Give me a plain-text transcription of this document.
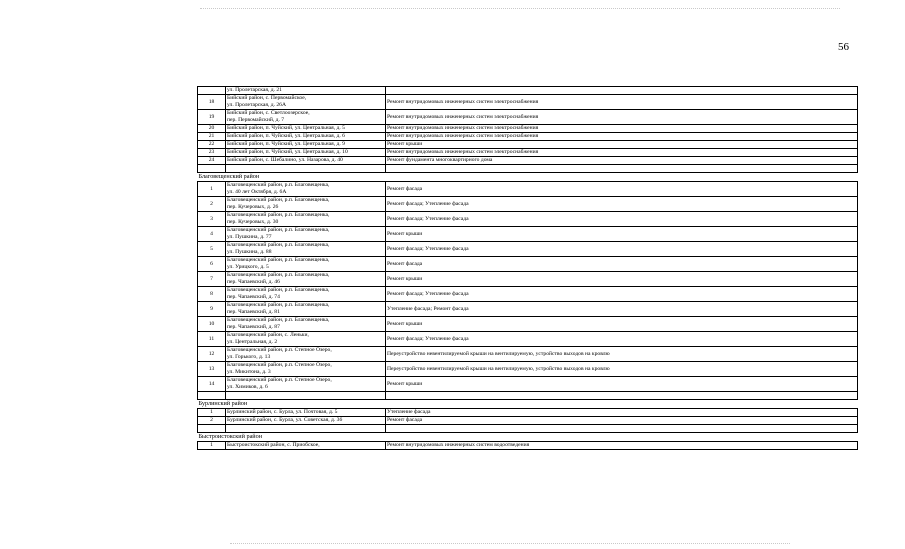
56

	ул. Пролетарская, д. 21	

18	Бийский район, с. Первомайское,
ул. Пролетарская, д. 26А	Ремонт внутридомовых инженерных систем электроснабжения
19	Бийский район, с. Светлоозерское,
пер. Первомайский, д. 7	Ремонт внутридомовых инженерных систем электроснабжения
20	Бийский район, п. Чуйский, ул. Центральная, д. 5	Ремонт внутридомовых инженерных систем электроснабжения
21	Бийский район, п. Чуйский, ул. Центральная, д. 6	Ремонт внутридомовых инженерных систем электроснабжения
22	Бийский район, п. Чуйский, ул. Центральная, д. 9	Ремонт крыши
23	Бийский район, п. Чуйский, ул. Центральная, д. 10	Ремонт внутридомовых инженерных систем электроснабжения
24	Бийский район, с. Шебалино, ул. Назарова, д. 40	Ремонт фундамента многоквартирного дома

Благовещенский район		
1	Благовещенский район, р.п. Благовещенка,
ул. 40 лет Октября, д. 6А	Ремонт фасада
2	Благовещенский район, р.п. Благовещенка,
пер. Кучеровых, д. 26	Ремонт фасада; Утепление фасада
3	Благовещенский район, р.п. Благовещенка,
пер. Кучеровых, д. 30	Ремонт фасада; Утепление фасада
4	Благовещенский район, р.п. Благовещенка,
ул. Пушкина, д. 77	Ремонт крыши
5	Благовещенский район, р.п. Благовещенка,
ул. Пушкина, д. 88	Ремонт фасада; Утепление фасада
6	Благовещенский район, р.п. Благовещенка,
ул. Урицкого, д. 5	Ремонт фасада
7	Благовещенский район, р.п. Благовещенка,
пер. Чапаевский, д. 46	Ремонт крыши
8	Благовещенский район, р.п. Благовещенка,
пер. Чапаевский, д. 74	Ремонт фасада; Утепление фасада
9	Благовещенский район, р.п. Благовещенка,
пер. Чапаевский, д. 81	Утепление фасада; Ремонт фасада
10	Благовещенский район, р.п. Благовещенка,
пер. Чапаевский, д. 87	Ремонт крыши
11	Благовещенский район, с. Леньки,
ул. Центральная, д. 2	Ремонт фасада; Утепление фасада
12	Благовещенский район, р.п. Степное Озеро,
ул. Горького, д. 13	Переустройство невентилируемой крыши на вентилируемую, устройство выходов на кровлю
13	Благовещенский район, р.п. Степное Озеро,
ул. Микитона, д. 3	Переустройство невентилируемой крыши на вентилируемую, устройство выходов на кровлю
14	Благовещенский район, р.п. Степное Озеро,
ул. Химиков, д. 6	Ремонт крыши

Бурлинский район		
1	Бурлинский район, с. Бурла, ул. Почтовая, д. 5	Утепление фасада
2	Бурлинский район, с. Бурла, ул. Советская, д. 36	Ремонт фасада

Быстроистокский район		
1	Быстроистокский район, с. Приобское,	Ремонт внутридомовых инженерных систем водоотведения
